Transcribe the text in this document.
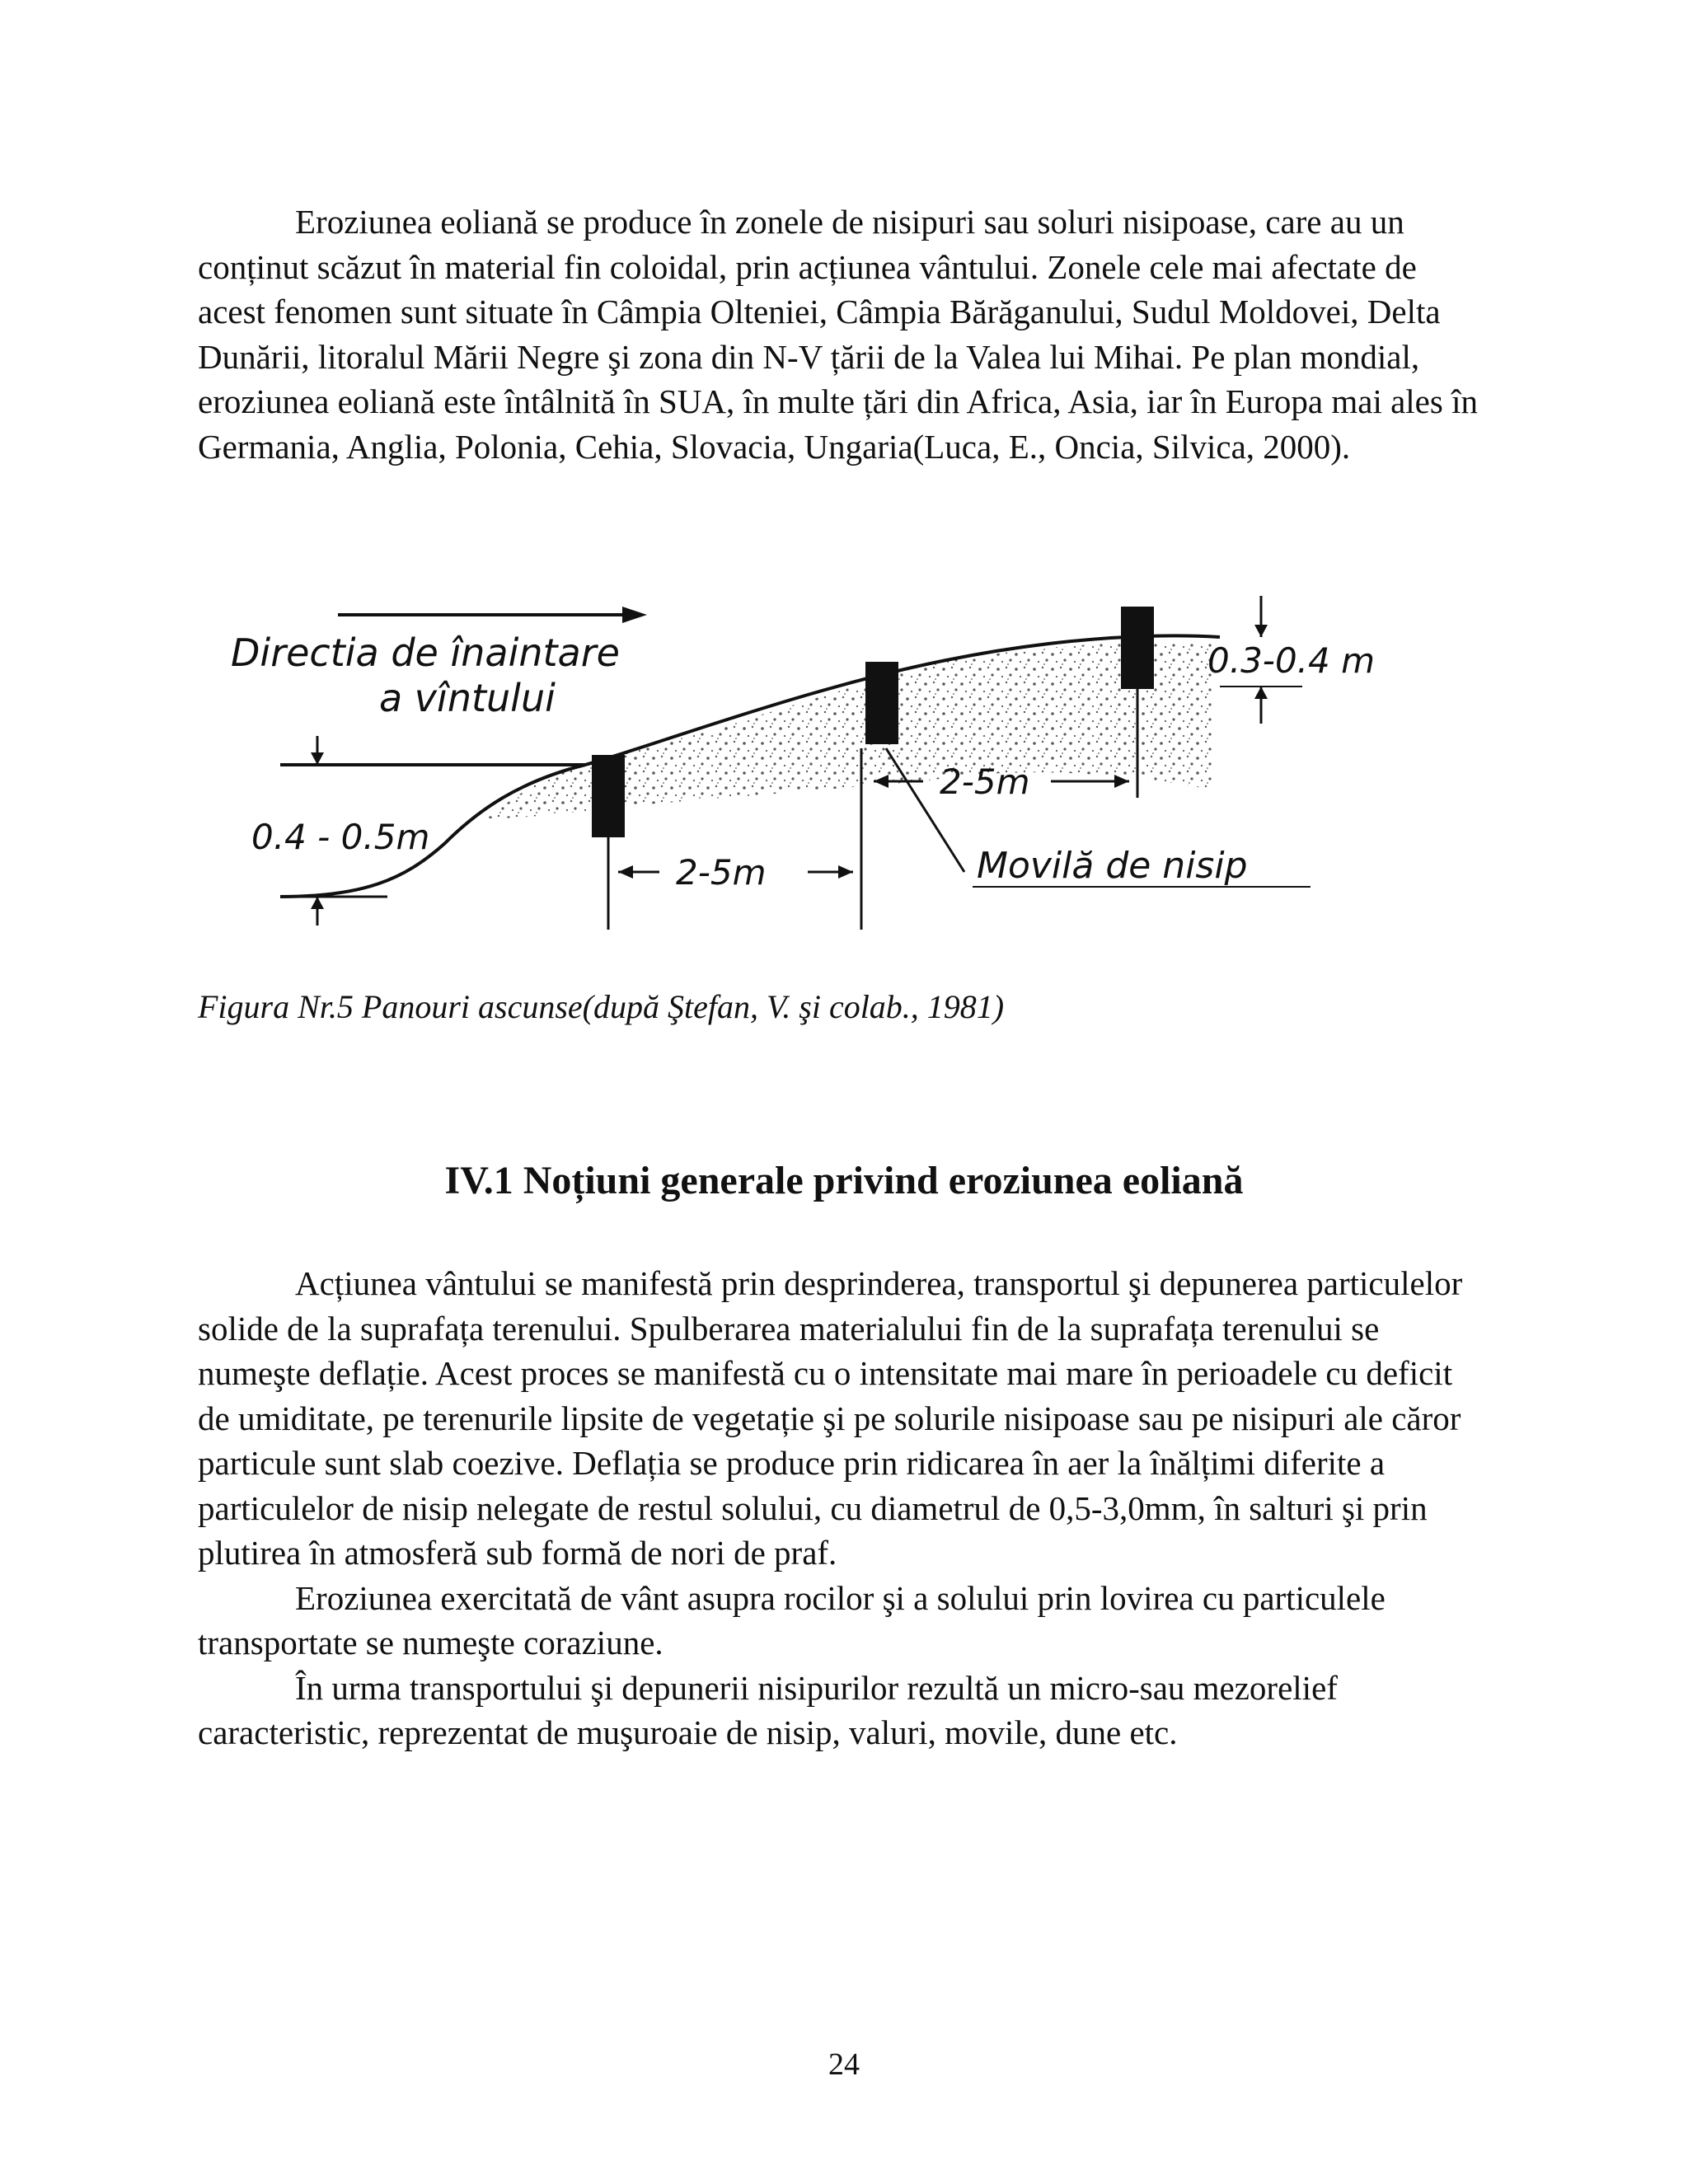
Eroziunea eoliană se produce în zonele de nisipuri sau soluri nisipoase, care au un conținut scăzut în material fin coloidal, prin acțiunea vântului. Zonele cele mai afectate de acest fenomen sunt situate în Câmpia Olteniei, Câmpia Bărăganului, Sudul Moldovei, Delta Dunării, litoralul Mării Negre şi zona din N-V țării de la Valea lui Mihai. Pe plan mondial, eroziunea eoliană este întâlnită în SUA, în multe țări din Africa, Asia, iar în Europa mai ales în Germania, Anglia, Polonia, Cehia, Slovacia, Ungaria(Luca, E., Oncia, Silvica, 2000).

Directia de înaintare
a vîntului
0.4 - 0.5m
0.3-0.4 m
2-5m
2-5m
Movilă de nisip

Figura Nr.5 Panouri ascunse(după Ştefan, V. şi colab., 1981)

IV.1 Noțiuni generale privind eroziunea eoliană

Acțiunea vântului se manifestă prin desprinderea, transportul şi depunerea particulelor solide de la suprafața terenului. Spulberarea materialului fin de la suprafața terenului se numeşte deflație. Acest proces se manifestă cu o intensitate mai mare în perioadele cu deficit de umiditate, pe terenurile lipsite de vegetație şi pe solurile nisipoase sau pe nisipuri ale căror particule sunt slab coezive. Deflația se produce prin ridicarea în aer la înălțimi diferite a particulelor de nisip nelegate de restul solului, cu diametrul de 0,5-3,0mm, în salturi şi prin plutirea în atmosferă sub formă de nori de praf.

Eroziunea exercitată de vânt asupra rocilor şi a solului prin lovirea cu particulele transportate se numeşte coraziune.

În urma transportului şi depunerii nisipurilor rezultă un micro-sau mezorelief caracteristic, reprezentat de muşuroaie de nisip, valuri, movile, dune etc.

24
